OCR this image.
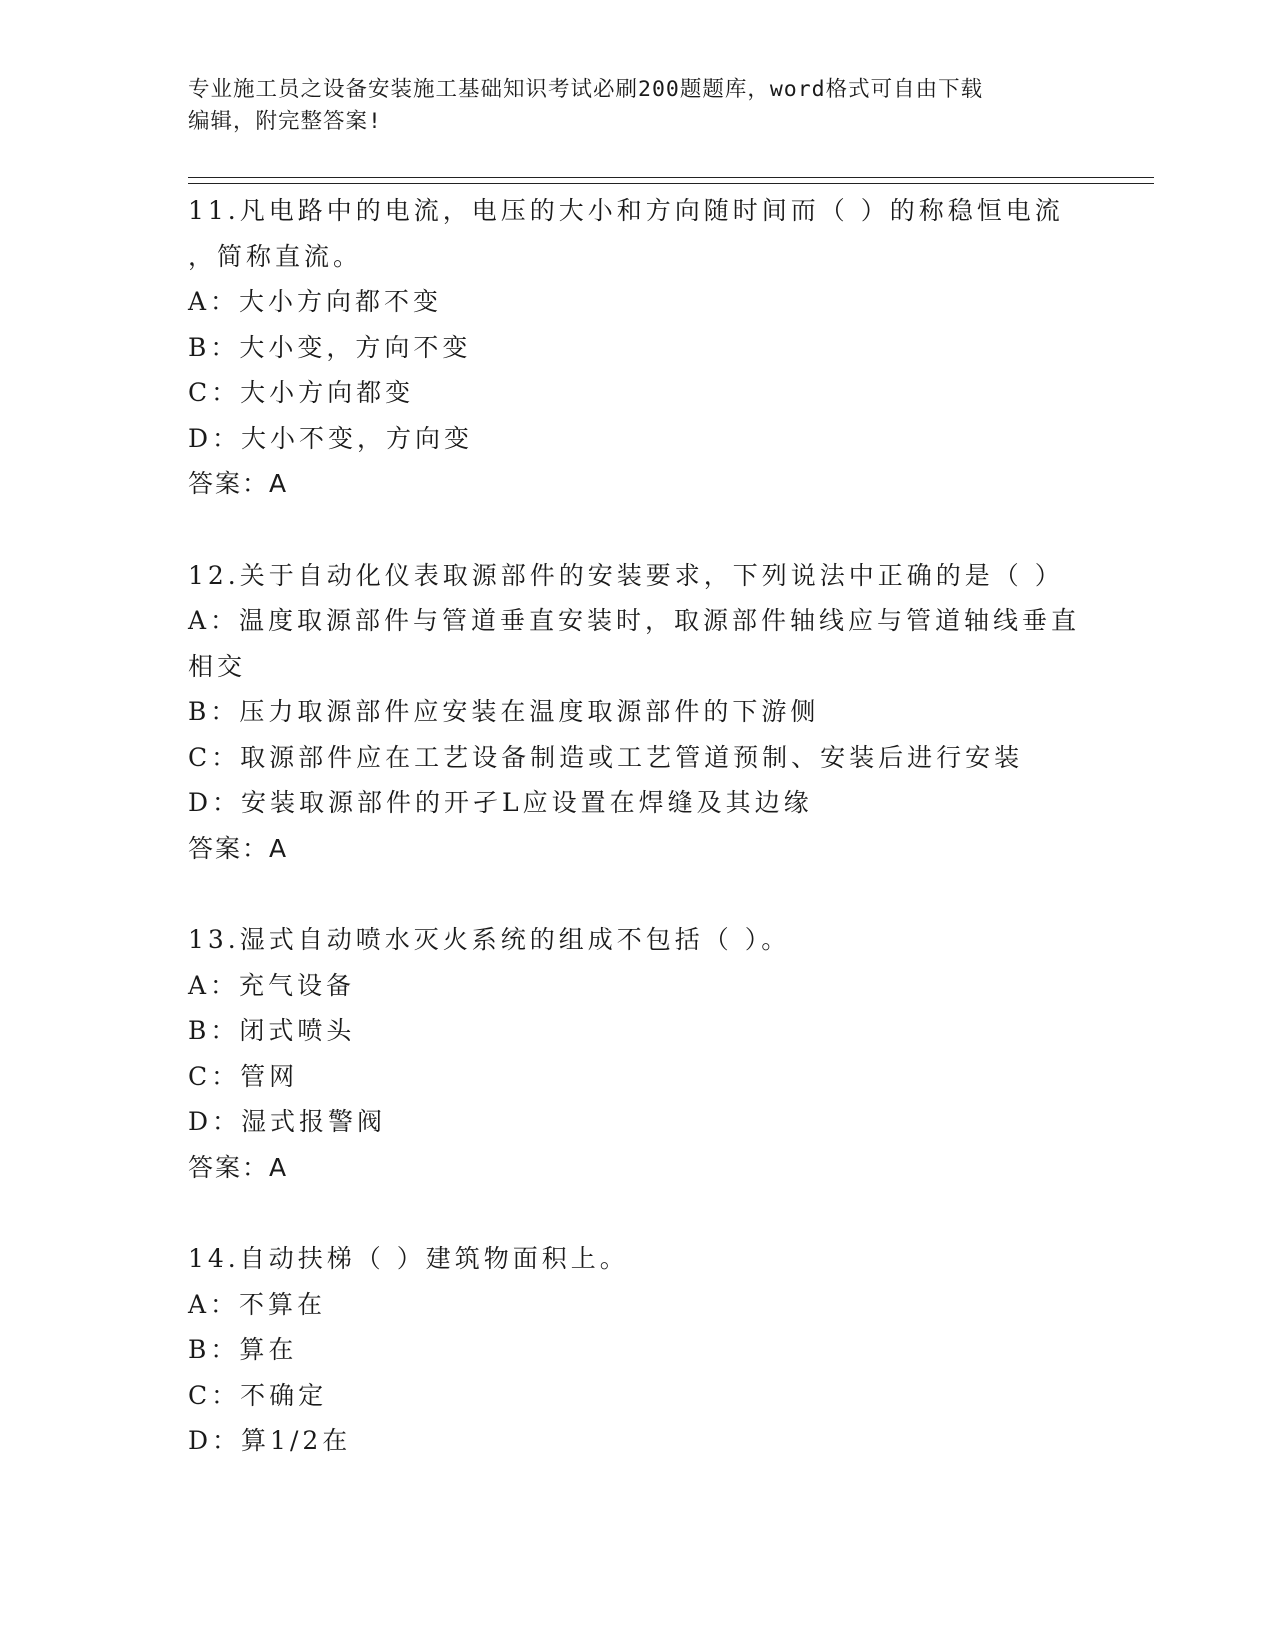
专业施工员之设备安装施工基础知识考试必刷200题题库，word格式可自由下载
编辑，附完整答案!
11.凡电路中的电流，电压的大小和方向随时间而（ ）的称稳恒电流
，简称直流。
A：大小方向都不变
B：大小变，方向不变
C：大小方向都变
D：大小不变，方向变
答案：A
12.关于自动化仪表取源部件的安装要求，下列说法中正确的是（ ）
A：温度取源部件与管道垂直安装时，取源部件轴线应与管道轴线垂直
相交
B：压力取源部件应安装在温度取源部件的下游侧
C：取源部件应在工艺设备制造或工艺管道预制、安装后进行安装
D：安装取源部件的开孑L应设置在焊缝及其边缘
答案：A
13.湿式自动喷水灭火系统的组成不包括（ ）。
A：充气设备
B：闭式喷头
C：管网
D：湿式报警阀
答案：A
14.自动扶梯（ ）建筑物面积上。
A：不算在
B：算在
C：不确定
D：算1/2在
